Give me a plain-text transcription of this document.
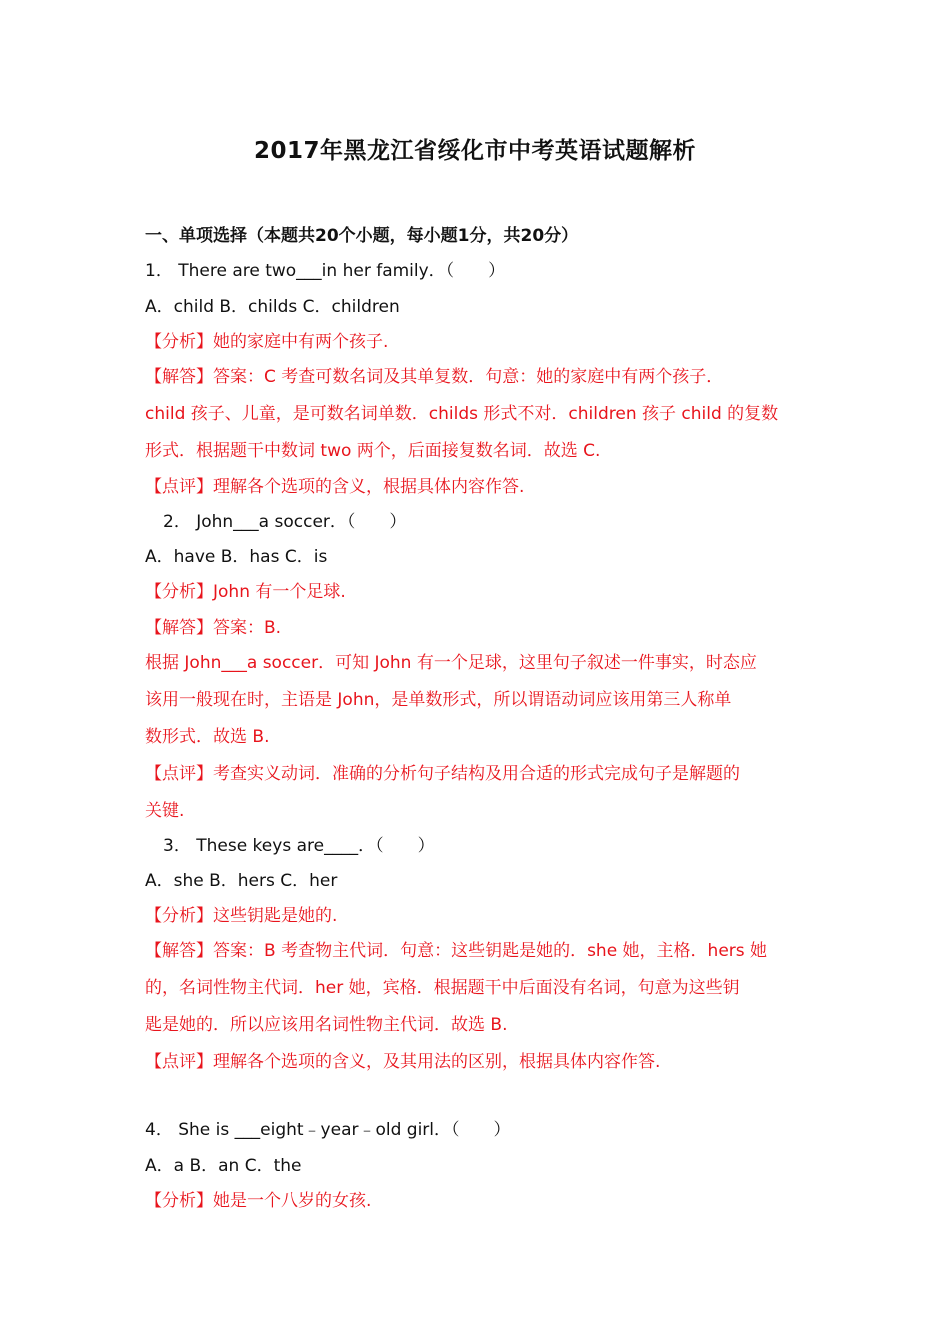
2017年黑龙江省绥化市中考英语试题解析
一、单项选择（本题共20个小题，每小题1分，共20分）
1． There are two___in her family．（　　）
A．child B．childs C．children
【分析】她的家庭中有两个孩子.
【解答】答案：C 考查可数名词及其单复数．句意：她的家庭中有两个孩子．
child 孩子、儿童，是可数名词单数．childs 形式不对．children 孩子 child 的复数
形式．根据题干中数词 two 两个，后面接复数名词．故选 C.
【点评】理解各个选项的含义，根据具体内容作答.
2． John___a soccer．（　　）
A．have B．has C．is
【分析】John 有一个足球.
【解答】答案：B.
根据 John___a soccer．可知 John 有一个足球，这里句子叙述一件事实，时态应
该用一般现在时，主语是 John，是单数形式，所以谓语动词应该用第三人称单
数形式．故选 B.
【点评】考查实义动词．准确的分析句子结构及用合适的形式完成句子是解题的
关键.
3． These keys are____．（　　）
A．she B．hers C．her
【分析】这些钥匙是她的.
【解答】答案：B 考查物主代词．句意：这些钥匙是她的．she 她，主格．hers 她
的，名词性物主代词．her 她，宾格．根据题干中后面没有名词，句意为这些钥
匙是她的．所以应该用名词性物主代词．故选 B.
【点评】理解各个选项的含义，及其用法的区别，根据具体内容作答.
4． She is ___eight﹣year﹣old girl．（　　）
A．a B．an C．the
【分析】她是一个八岁的女孩.
